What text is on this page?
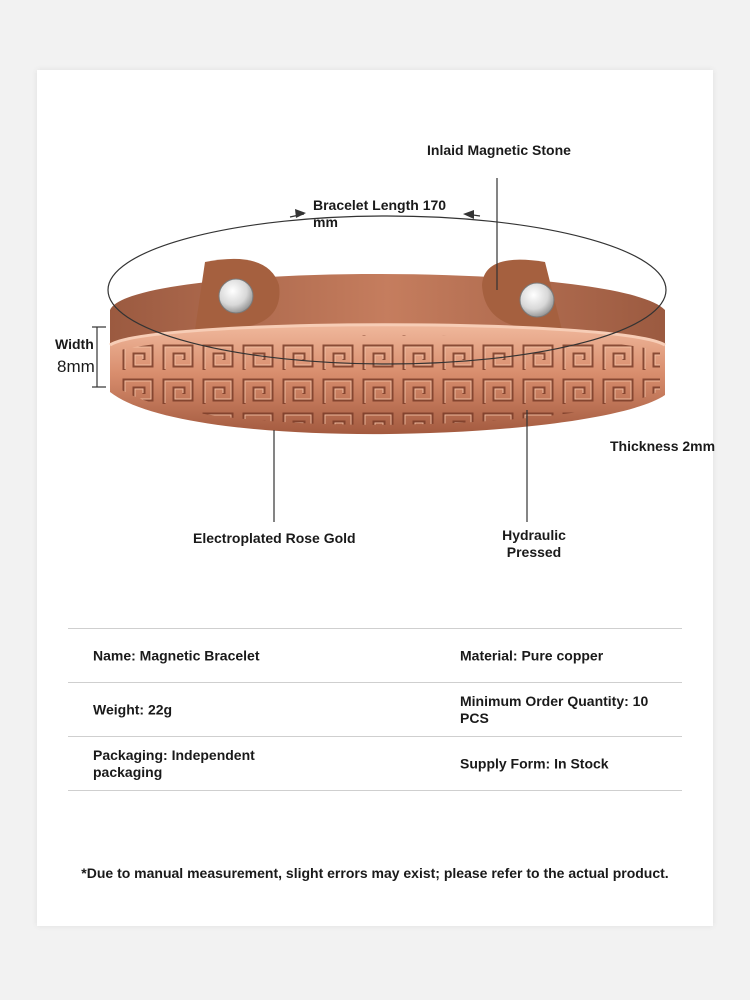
Inlaid Magnetic Stone
Bracelet Length 170 mm
Width
8mm
Thickness 2mm
Electroplated Rose Gold	Hydraulic Pressed
Name: Magnetic Bracelet	Material: Pure copper
Weight: 22g
Minimum Order Quantity: 10 PCS
Packaging: Independent packaging
Supply Form: In Stock
*Due to manual measurement, slight errors may exist; please refer to the actual product.
